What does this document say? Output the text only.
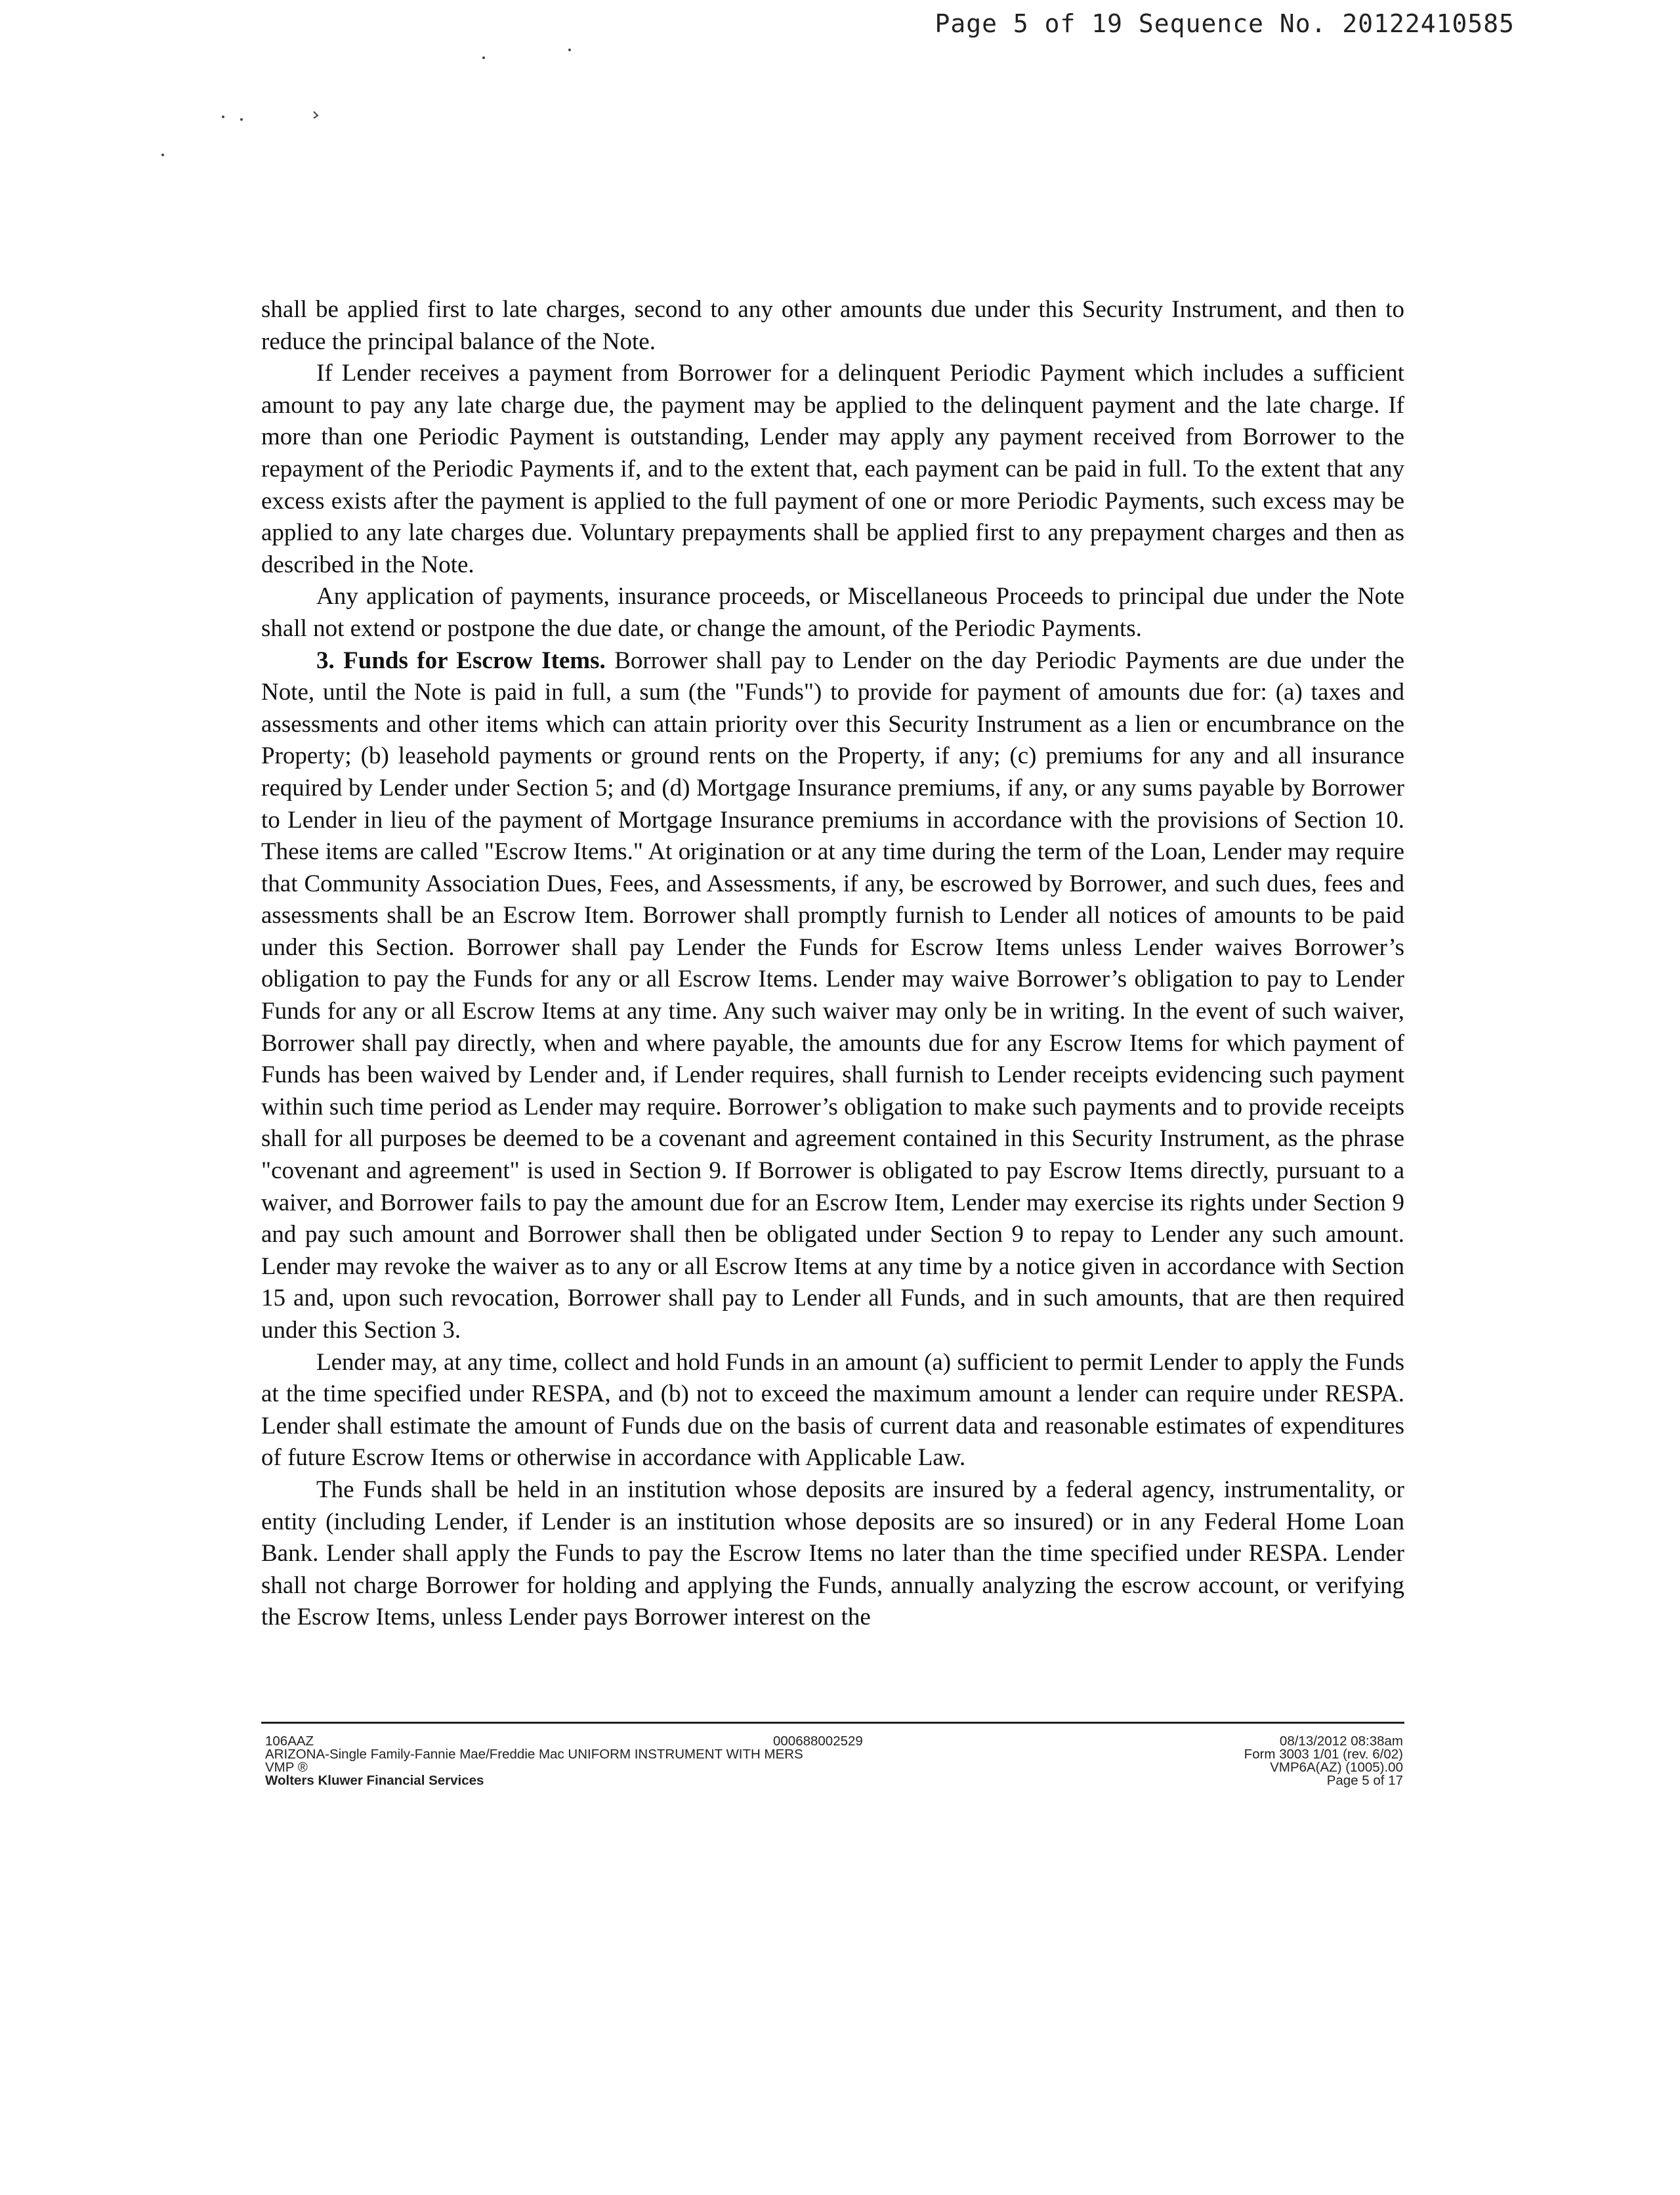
Page 5 of 19 Sequence No. 20122410585

shall be applied first to late charges, second to any other amounts due under this Security Instrument, and then to reduce the principal balance of the Note.

If Lender receives a payment from Borrower for a delinquent Periodic Payment which includes a sufficient amount to pay any late charge due, the payment may be applied to the delinquent payment and the late charge. If more than one Periodic Payment is outstanding, Lender may apply any payment received from Borrower to the repayment of the Periodic Payments if, and to the extent that, each payment can be paid in full. To the extent that any excess exists after the payment is applied to the full payment of one or more Periodic Payments, such excess may be applied to any late charges due. Voluntary prepayments shall be applied first to any prepayment charges and then as described in the Note.

Any application of payments, insurance proceeds, or Miscellaneous Proceeds to principal due under the Note shall not extend or postpone the due date, or change the amount, of the Periodic Payments.

3. Funds for Escrow Items. Borrower shall pay to Lender on the day Periodic Payments are due under the Note, until the Note is paid in full, a sum (the "Funds") to provide for payment of amounts due for: (a) taxes and assessments and other items which can attain priority over this Security Instrument as a lien or encumbrance on the Property; (b) leasehold payments or ground rents on the Property, if any; (c) premiums for any and all insurance required by Lender under Section 5; and (d) Mortgage Insurance premiums, if any, or any sums payable by Borrower to Lender in lieu of the payment of Mortgage Insurance premiums in accordance with the provisions of Section 10. These items are called "Escrow Items." At origination or at any time during the term of the Loan, Lender may require that Community Association Dues, Fees, and Assessments, if any, be escrowed by Borrower, and such dues, fees and assessments shall be an Escrow Item. Borrower shall promptly furnish to Lender all notices of amounts to be paid under this Section. Borrower shall pay Lender the Funds for Escrow Items unless Lender waives Borrower’s obligation to pay the Funds for any or all Escrow Items. Lender may waive Borrower’s obligation to pay to Lender Funds for any or all Escrow Items at any time. Any such waiver may only be in writing. In the event of such waiver, Borrower shall pay directly, when and where payable, the amounts due for any Escrow Items for which payment of Funds has been waived by Lender and, if Lender requires, shall furnish to Lender receipts evidencing such payment within such time period as Lender may require. Borrower’s obligation to make such payments and to provide receipts shall for all purposes be deemed to be a covenant and agreement contained in this Security Instrument, as the phrase "covenant and agreement" is used in Section 9. If Borrower is obligated to pay Escrow Items directly, pursuant to a waiver, and Borrower fails to pay the amount due for an Escrow Item, Lender may exercise its rights under Section 9 and pay such amount and Borrower shall then be obligated under Section 9 to repay to Lender any such amount. Lender may revoke the waiver as to any or all Escrow Items at any time by a notice given in accordance with Section 15 and, upon such revocation, Borrower shall pay to Lender all Funds, and in such amounts, that are then required under this Section 3.

Lender may, at any time, collect and hold Funds in an amount (a) sufficient to permit Lender to apply the Funds at the time specified under RESPA, and (b) not to exceed the maximum amount a lender can require under RESPA. Lender shall estimate the amount of Funds due on the basis of current data and reasonable estimates of expenditures of future Escrow Items or otherwise in accordance with Applicable Law.

The Funds shall be held in an institution whose deposits are insured by a federal agency, instrumentality, or entity (including Lender, if Lender is an institution whose deposits are so insured) or in any Federal Home Loan Bank. Lender shall apply the Funds to pay the Escrow Items no later than the time specified under RESPA. Lender shall not charge Borrower for holding and applying the Funds, annually analyzing the escrow account, or verifying the Escrow Items, unless Lender pays Borrower interest on the

106AAZ
ARIZONA-Single Family-Fannie Mae/Freddie Mac UNIFORM INSTRUMENT WITH MERS
VMP ®
Wolters Kluwer Financial Services
000688002529	08/13/2012 08:38am
Form 3003 1/01 (rev. 6/02)
VMP6A(AZ) (1005).00
Page 5 of 17
